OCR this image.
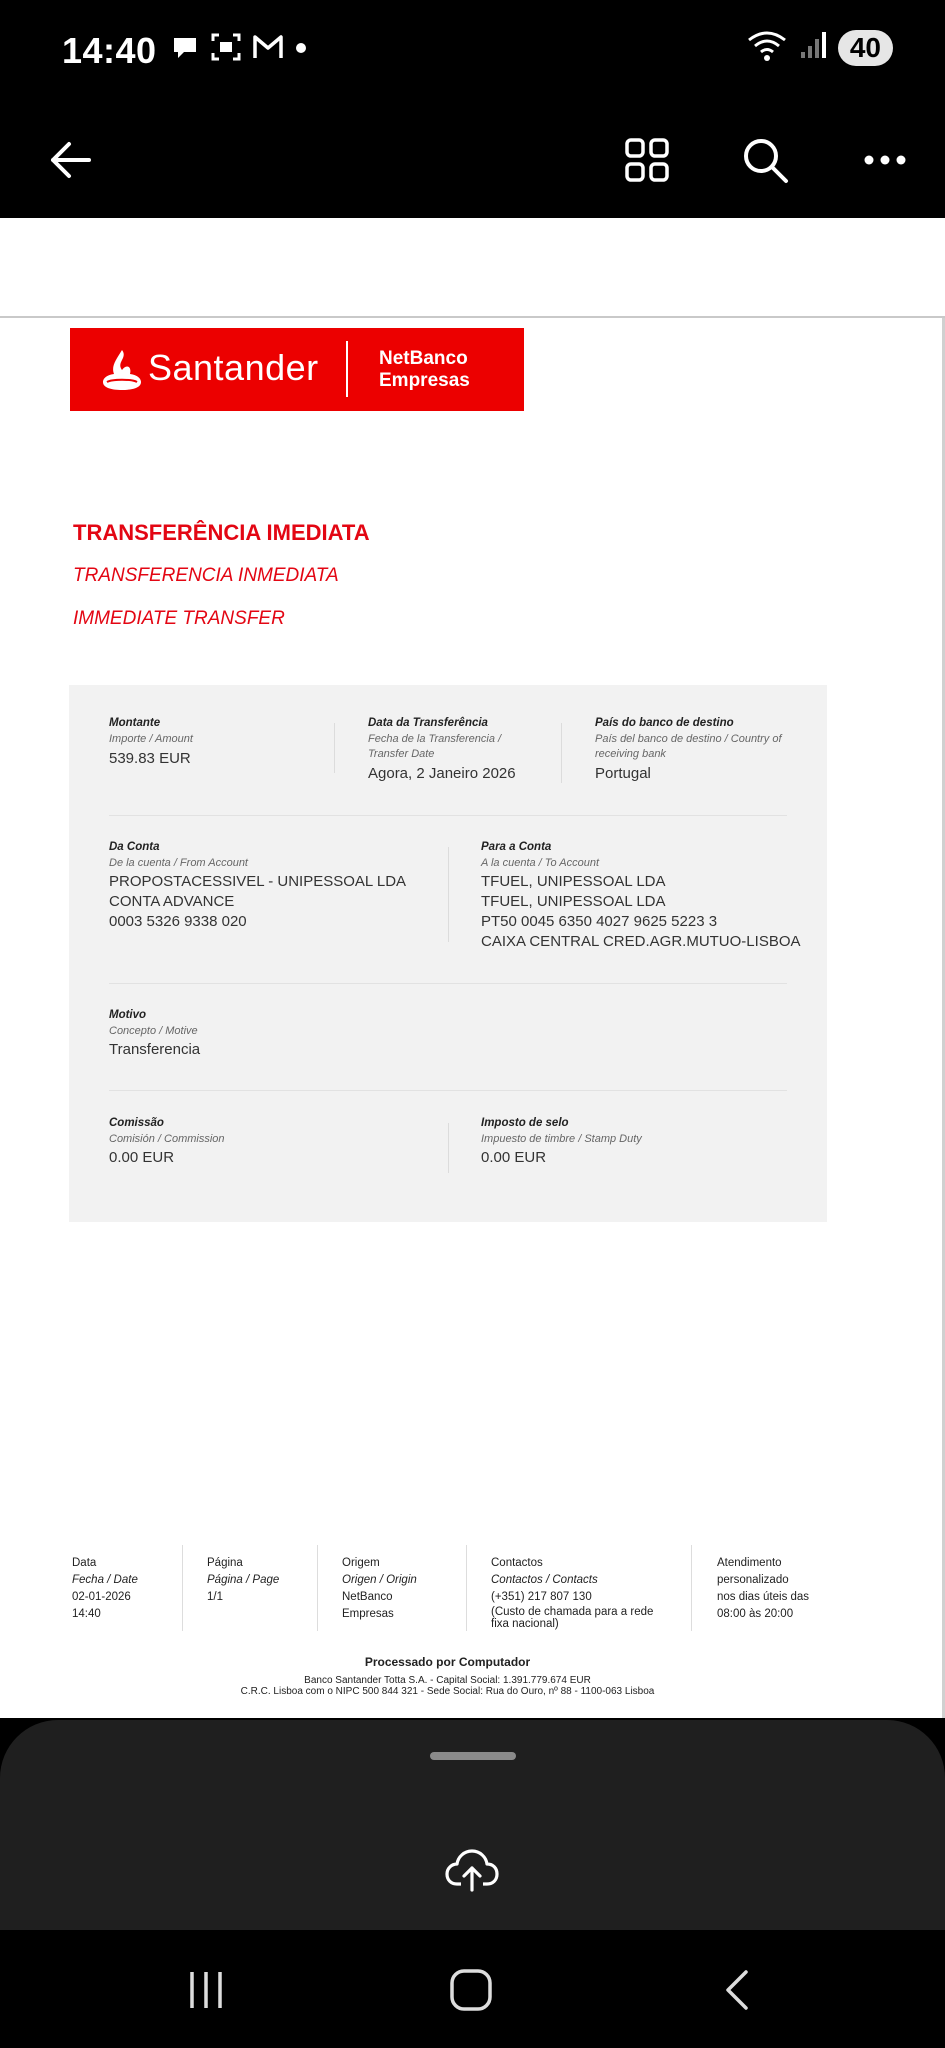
14:40	40
Santander	NetBanco
Empresas
TRANSFERÊNCIA IMEDIATA
TRANSFERENCIA INMEDIATA
IMMEDIATE TRANSFER
Montante
Importe / Amount
539.83 EUR
Data da Transferência
Fecha de la Transferencia /
Transfer Date
Agora, 2 Janeiro 2026
País do banco de destino
País del banco de destino / Country of
receiving bank
Portugal
Da Conta
De la cuenta / From Account
PROPOSTACESSIVEL - UNIPESSOAL LDA
CONTA ADVANCE
0003 5326 9338 020
Para a Conta
A la cuenta / To Account
TFUEL, UNIPESSOAL LDA
TFUEL, UNIPESSOAL LDA
PT50 0045 6350 4027 9625 5223 3
CAIXA CENTRAL CRED.AGR.MUTUO-LISBOA
Motivo
Concepto / Motive
Transferencia
Comissão
Comisión / Commission
0.00 EUR
Imposto de selo
Impuesto de timbre / Stamp Duty
0.00 EUR
Data
Fecha / Date
02-01-2026
14:40
Página
Página / Page
1/1
Origem
Origen / Origin
NetBanco
Empresas
Contactos
Contactos / Contacts
(+351) 217 807 130
(Custo de chamada para a rede
fixa nacional)
Atendimento
personalizado
nos dias úteis das
08:00 às 20:00
Processado por Computador
Banco Santander Totta S.A. - Capital Social: 1.391.779.674 EUR
C.R.C. Lisboa com o NIPC 500 844 321 - Sede Social: Rua do Ouro, nº 88 - 1100-063 Lisboa
